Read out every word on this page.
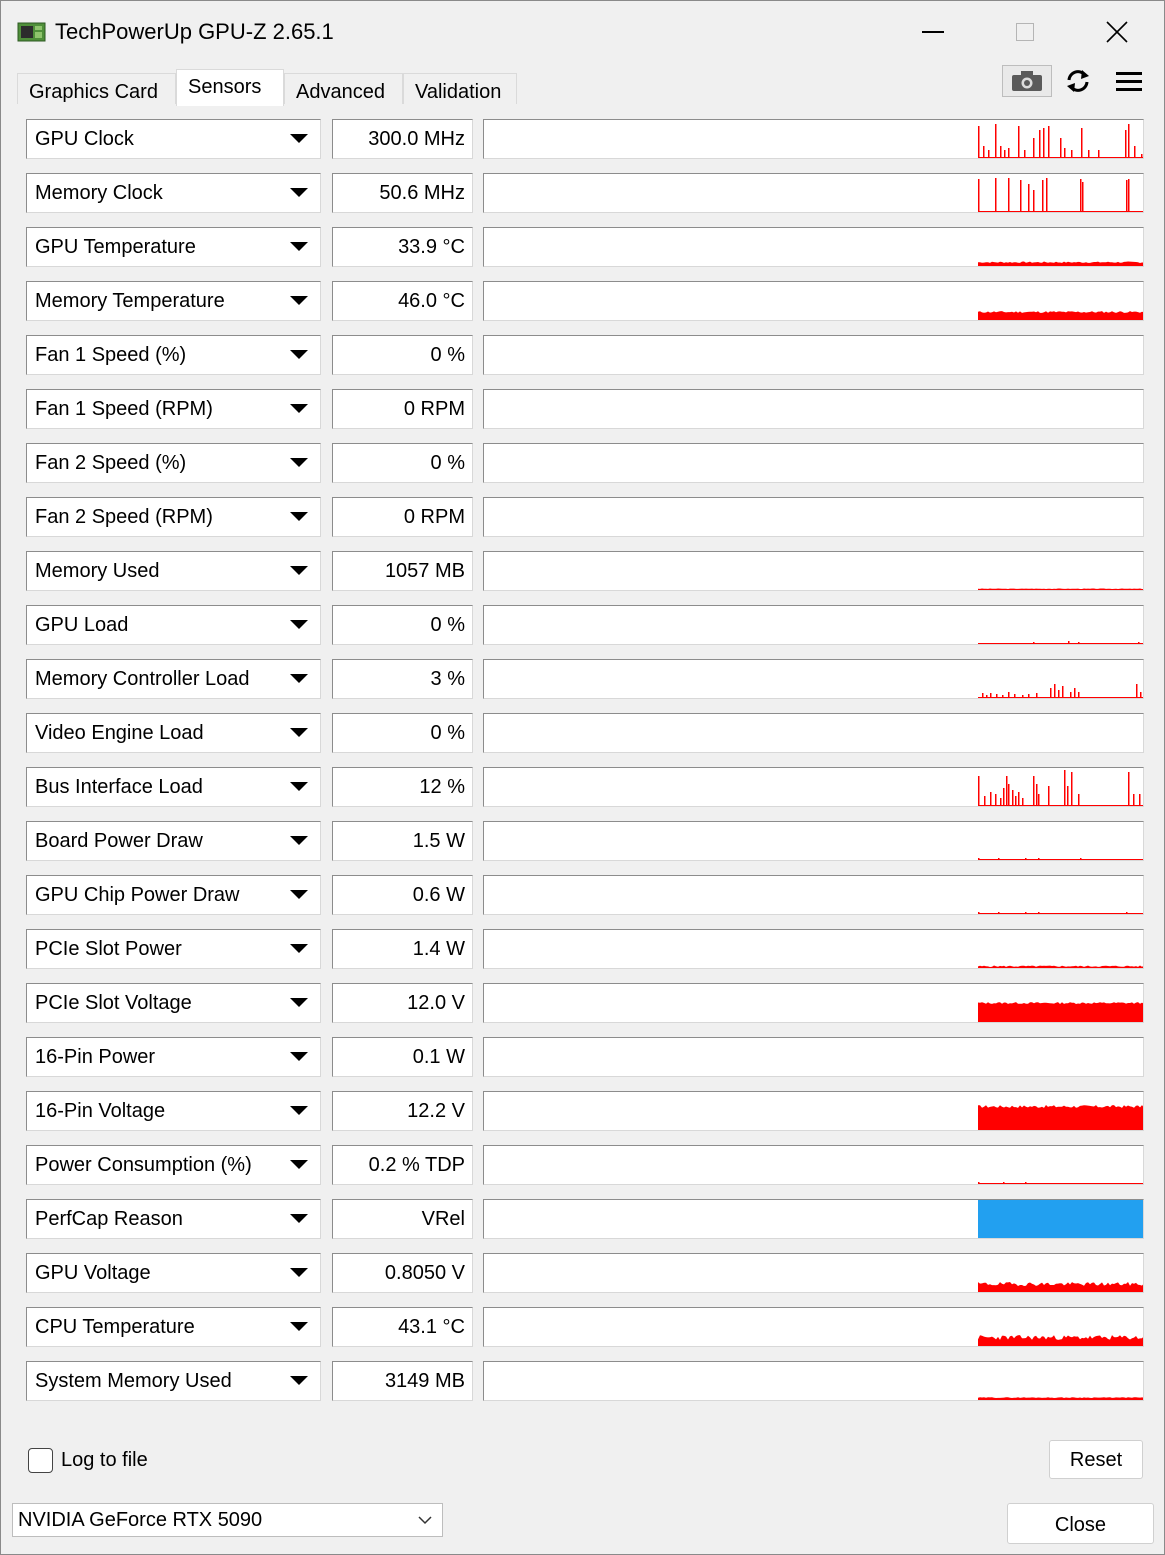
TechPowerUp GPU-Z 2.65.1
Graphics Card	Sensors	Advanced	Validation
GPU Clock	300.0 MHz
Memory Clock	50.6 MHz
GPU Temperature	33.9 °C
Memory Temperature	46.0 °C
Fan 1 Speed (%)	0 %
Fan 1 Speed (RPM)	0 RPM
Fan 2 Speed (%)	0 %
Fan 2 Speed (RPM)	0 RPM
Memory Used	1057 MB
GPU Load	0 %
Memory Controller Load	3 %
Video Engine Load	0 %
Bus Interface Load	12 %
Board Power Draw	1.5 W
GPU Chip Power Draw	0.6 W
PCIe Slot Power	1.4 W
PCIe Slot Voltage	12.0 V
16-Pin Power	0.1 W
16-Pin Voltage	12.2 V
Power Consumption (%)	0.2 % TDP
PerfCap Reason	VRel
GPU Voltage	0.8050 V
CPU Temperature	43.1 °C
System Memory Used	3149 MB
Log to file	Reset
NVIDIA GeForce RTX 5090	Close
